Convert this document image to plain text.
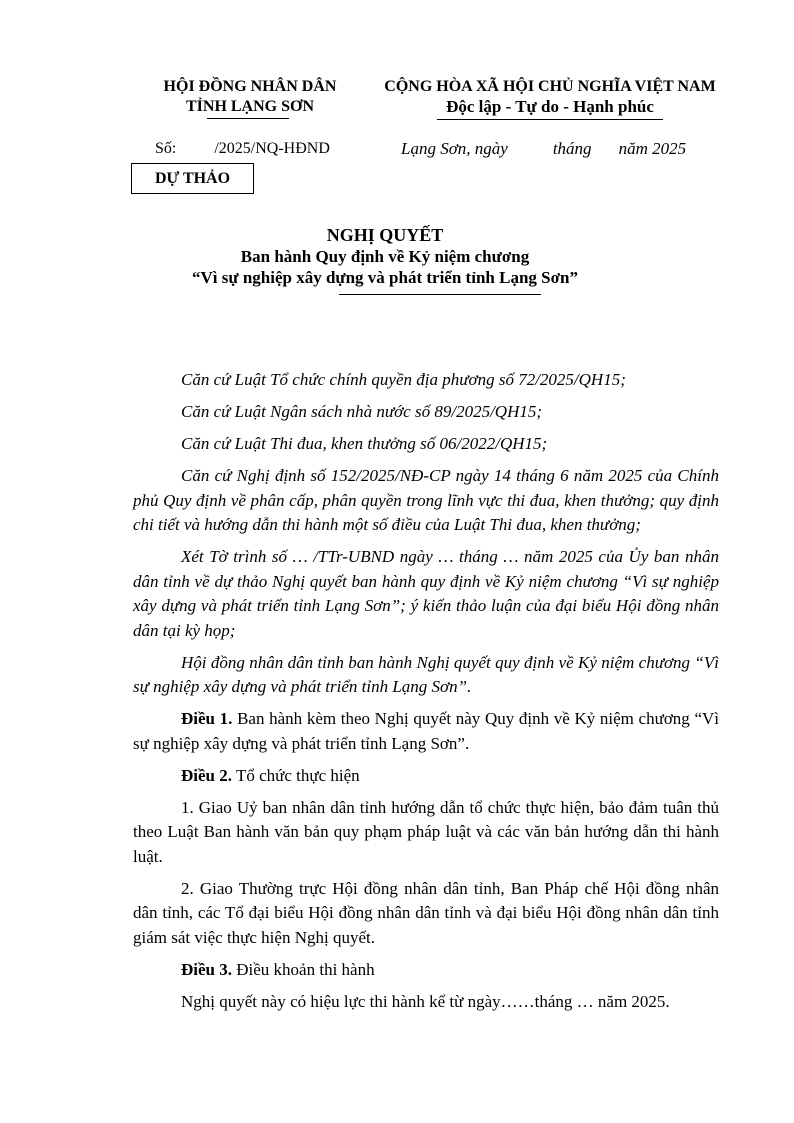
HỘI ĐỒNG NHÂN DÂN
TỈNH LẠNG SƠN
CỘNG HÒA XÃ HỘI CHỦ NGHĨA VIỆT NAM
Độc lập - Tự do - Hạnh phúc
Số: /2025/NQ-HĐND	Lạng Sơn, ngày	tháng năm 2025
DỰ THẢO
NGHỊ QUYẾT
Ban hành Quy định về Kỷ niệm chương
“Vì sự nghiệp xây dựng và phát triển tỉnh Lạng Sơn”

Căn cứ Luật Tổ chức chính quyền địa phương số 72/2025/QH15;

Căn cứ Luật Ngân sách nhà nước số 89/2025/QH15;

Căn cứ Luật Thi đua, khen thưởng số 06/2022/QH15;

Căn cứ Nghị định số 152/2025/NĐ-CP ngày 14 tháng 6 năm 2025 của Chính phủ Quy định về phân cấp, phân quyền trong lĩnh vực thi đua, khen thưởng; quy định chi tiết và hướng dẫn thi hành một số điều của Luật Thi đua, khen thưởng;

Xét Tờ trình số … /TTr-UBND ngày … tháng … năm 2025 của Ủy ban nhân dân tỉnh về dự thảo Nghị quyết ban hành quy định về Kỷ niệm chương “Vì sự nghiệp xây dựng và phát triển tỉnh Lạng Sơn”; ý kiến thảo luận của đại biểu Hội đồng nhân dân tại kỳ họp;

Hội đồng nhân dân tỉnh ban hành Nghị quyết quy định về Kỷ niệm chương “Vì sự nghiệp xây dựng và phát triển tỉnh Lạng Sơn”.

Điều 1. Ban hành kèm theo Nghị quyết này Quy định về Kỷ niệm chương “Vì sự nghiệp xây dựng và phát triển tỉnh Lạng Sơn”.

Điều 2. Tổ chức thực hiện

1. Giao Uỷ ban nhân dân tỉnh hướng dẫn tổ chức thực hiện, bảo đảm tuân thủ theo Luật Ban hành văn bản quy phạm pháp luật và các văn bản hướng dẫn thi hành luật.

2. Giao Thường trực Hội đồng nhân dân tỉnh, Ban Pháp chế Hội đồng nhân dân tỉnh, các Tổ đại biểu Hội đồng nhân dân tỉnh và đại biểu Hội đồng nhân dân tỉnh giám sát việc thực hiện Nghị quyết.

Điều 3. Điều khoản thi hành

Nghị quyết này có hiệu lực thi hành kể từ ngày……tháng … năm 2025.
